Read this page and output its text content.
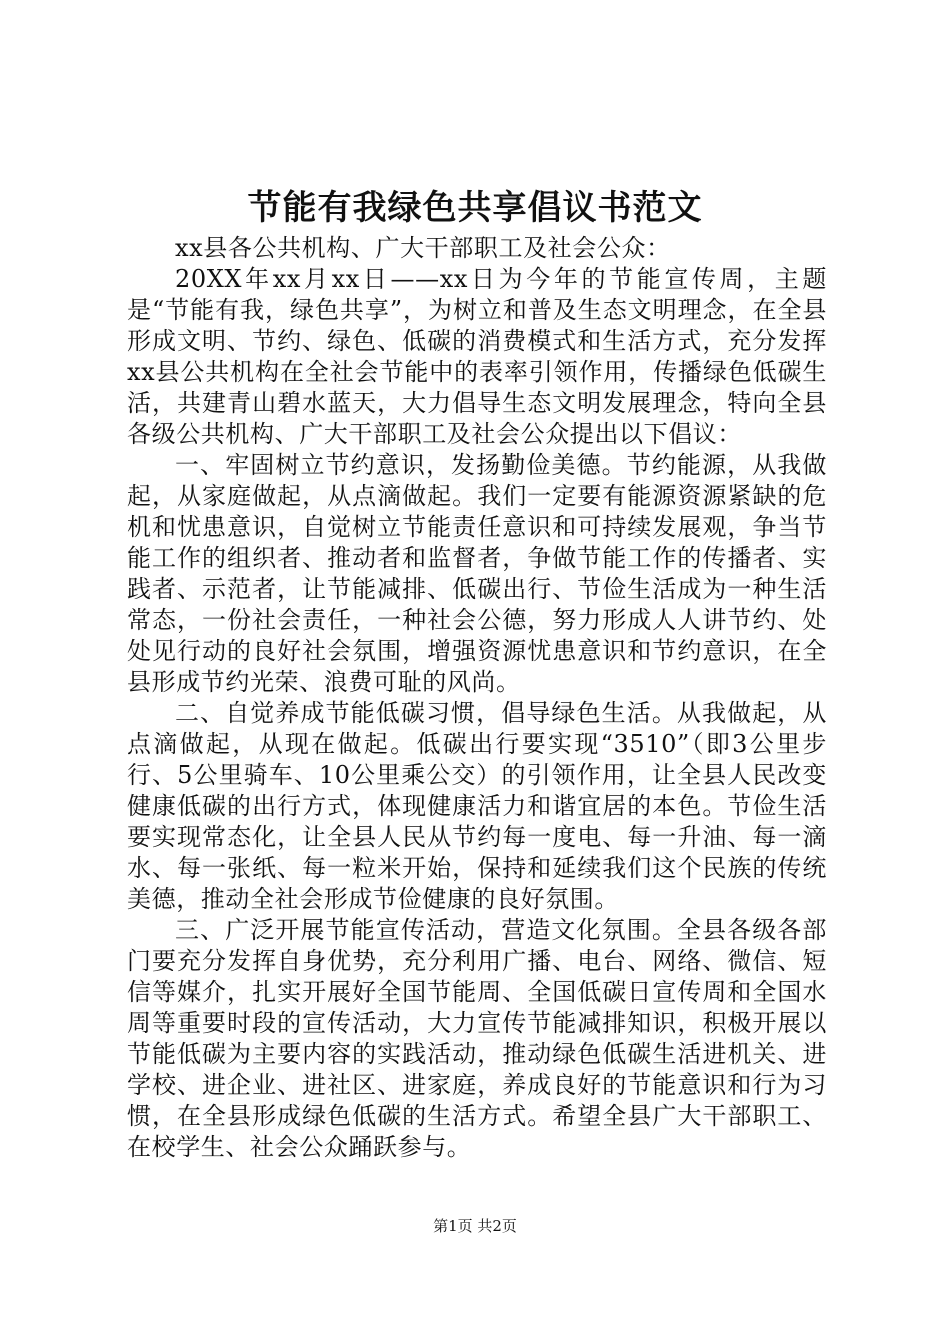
节能有我绿色共享倡议书范文

xx县各公共机构、广大干部职工及社会公众：

20XX年xx月xx日——xx日为今年的节能宣传周，主题是“节能有我，绿色共享”，为树立和普及生态文明理念，在全县形成文明、节约、绿色、低碳的消费模式和生活方式，充分发挥xx县公共机构在全社会节能中的表率引领作用，传播绿色低碳生活，共建青山碧水蓝天，大力倡导生态文明发展理念，特向全县各级公共机构、广大干部职工及社会公众提出以下倡议：

一、牢固树立节约意识，发扬勤俭美德。节约能源，从我做起，从家庭做起，从点滴做起。我们一定要有能源资源紧缺的危机和忧患意识，自觉树立节能责任意识和可持续发展观，争当节能工作的组织者、推动者和监督者，争做节能工作的传播者、实践者、示范者，让节能减排、低碳出行、节俭生活成为一种生活常态，一份社会责任，一种社会公德，努力形成人人讲节约、处处见行动的良好社会氛围，增强资源忧患意识和节约意识，在全县形成节约光荣、浪费可耻的风尚。

二、自觉养成节能低碳习惯，倡导绿色生活。从我做起，从点滴做起，从现在做起。低碳出行要实现“3510”（即3公里步行、5公里骑车、10公里乘公交）的引领作用，让全县人民改变健康低碳的出行方式，体现健康活力和谐宜居的本色。节俭生活要实现常态化，让全县人民从节约每一度电、每一升油、每一滴水、每一张纸、每一粒米开始，保持和延续我们这个民族的传统美德，推动全社会形成节俭健康的良好氛围。

三、广泛开展节能宣传活动，营造文化氛围。全县各级各部门要充分发挥自身优势，充分利用广播、电台、网络、微信、短信等媒介，扎实开展好全国节能周、全国低碳日宣传周和全国水周等重要时段的宣传活动，大力宣传节能减排知识，积极开展以节能低碳为主要内容的实践活动，推动绿色低碳生活进机关、进学校、进企业、进社区、进家庭，养成良好的节能意识和行为习惯，在全县形成绿色低碳的生活方式。希望全县广大干部职工、在校学生、社会公众踊跃参与。

第1页 共2页
